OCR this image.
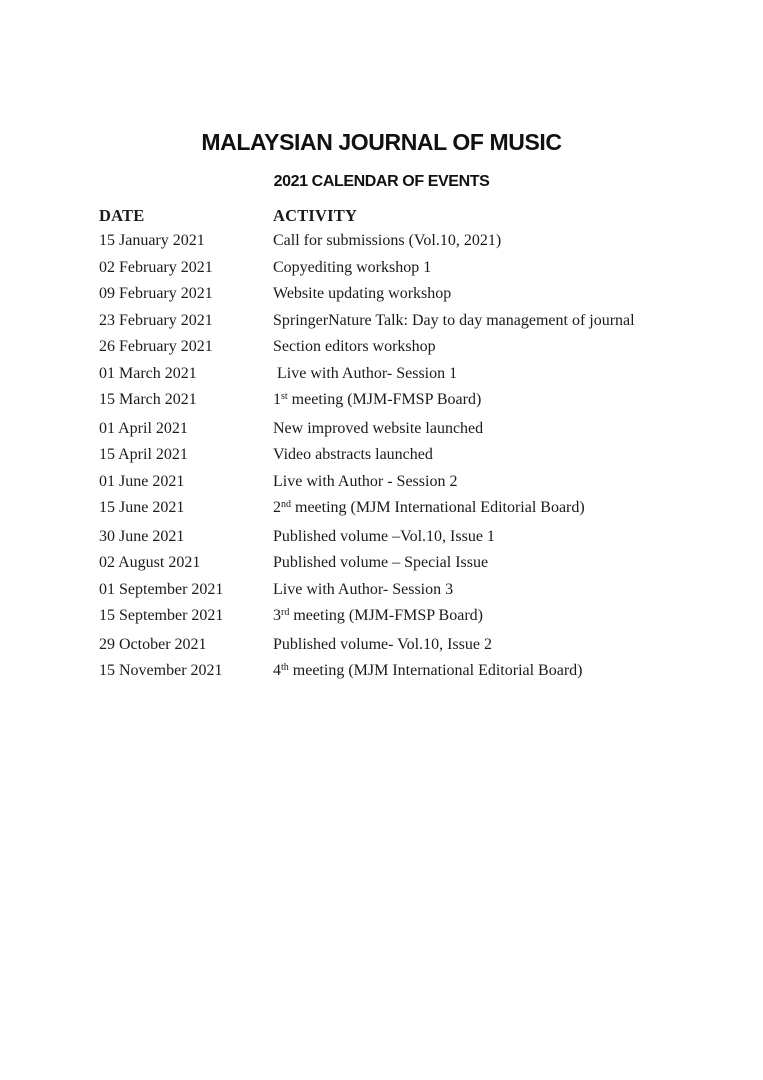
MALAYSIAN JOURNAL OF MUSIC
2021 CALENDAR OF EVENTS
DATE	ACTIVITY
15 January 2021	Call for submissions (Vol.10, 2021)
02 February 2021	Copyediting workshop 1
09 February 2021	Website updating workshop
23 February 2021	SpringerNature Talk: Day to day management of journal
26 February 2021	Section editors workshop
01 March 2021	Live with Author- Session 1
15 March 2021	1st meeting (MJM-FMSP Board)
01 April 2021	New improved website launched
15 April 2021	Video abstracts launched
01 June 2021	Live with Author - Session 2
15 June 2021	2nd meeting (MJM International Editorial Board)
30 June 2021	Published volume –Vol.10, Issue 1
02 August 2021	Published volume – Special Issue
01 September 2021	Live with Author- Session 3
15 September 2021	3rd meeting (MJM-FMSP Board)
29 October 2021	Published volume- Vol.10, Issue 2
15 November 2021	4th meeting (MJM International Editorial Board)
